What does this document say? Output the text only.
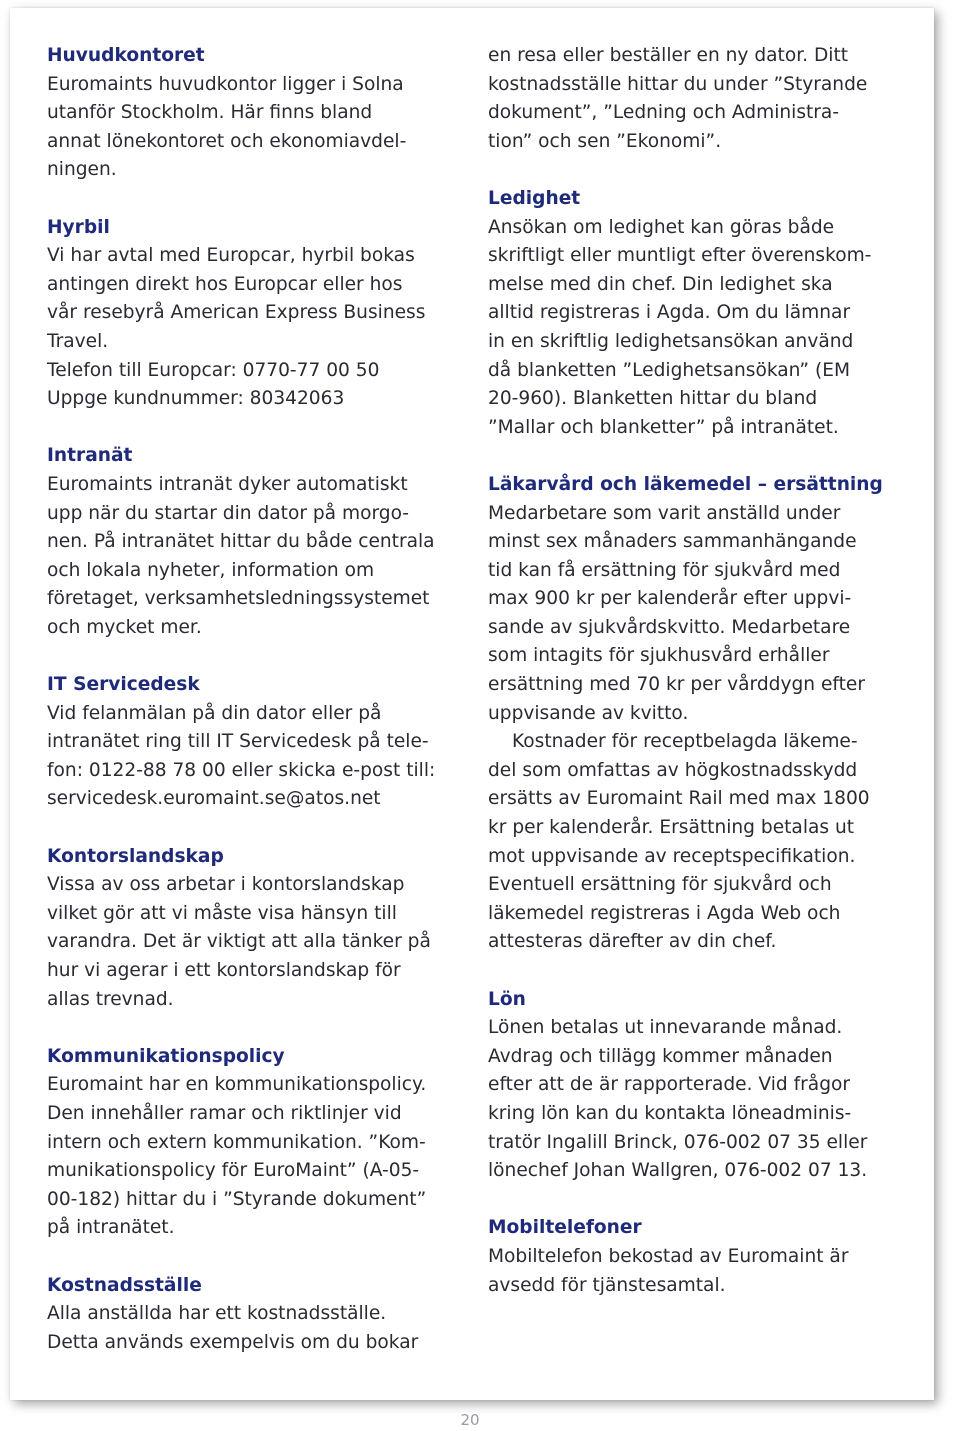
Huvudkontoret
Euromaints huvudkontor ligger i Solna
utanför Stockholm. Här finns bland
annat lönekontoret och ekonomiavdel-
ningen.
Hyrbil
Vi har avtal med Europcar, hyrbil bokas
antingen direkt hos Europcar eller hos
vår resebyrå American Express Business
Travel.
Telefon till Europcar: 0770-77 00 50
Uppge kundnummer: 80342063
Intranät
Euromaints intranät dyker automatiskt
upp när du startar din dator på morgo-
nen. På intranätet hittar du både centrala
och lokala nyheter, information om
företaget, verksamhetsledningssystemet
och mycket mer.
IT Servicedesk
Vid felanmälan på din dator eller på
intranätet ring till IT Servicedesk på tele-
fon: 0122-88 78 00 eller skicka e-post till:
servicedesk.euromaint.se@atos.net
Kontorslandskap
Vissa av oss arbetar i kontorslandskap
vilket gör att vi måste visa hänsyn till
varandra. Det är viktigt att alla tänker på
hur vi agerar i ett kontorslandskap för
allas trevnad.
Kommunikationspolicy
Euromaint har en kommunikationspolicy.
Den innehåller ramar och riktlinjer vid
intern och extern kommunikation. ”Kom-
munikationspolicy för EuroMaint” (A-05-
00-182) hittar du i ”Styrande dokument”
på intranätet.
Kostnadsställe
Alla anställda har ett kostnadsställe.
Detta används exempelvis om du bokar
en resa eller beställer en ny dator. Ditt
kostnadsställe hittar du under ”Styrande
dokument”, ”Ledning och Administra-
tion” och sen ”Ekonomi”.
Ledighet
Ansökan om ledighet kan göras både
skriftligt eller muntligt efter överenskom-
melse med din chef. Din ledighet ska
alltid registreras i Agda. Om du lämnar
in en skriftlig ledighetsansökan använd
då blanketten ”Ledighetsansökan” (EM
20-960). Blanketten hittar du bland
”Mallar och blanketter” på intranätet.
Läkarvård och läkemedel – ersättning
Medarbetare som varit anställd under
minst sex månaders sammanhängande
tid kan få ersättning för sjukvård med
max 900 kr per kalenderår efter uppvi-
sande av sjukvårdskvitto. Medarbetare
som intagits för sjukhusvård erhåller
ersättning med 70 kr per vårddygn efter
uppvisande av kvitto.
Kostnader för receptbelagda läkeme-
del som omfattas av högkostnadsskydd
ersätts av Euromaint Rail med max 1800
kr per kalenderår. Ersättning betalas ut
mot uppvisande av receptspecifikation.
Eventuell ersättning för sjukvård och
läkemedel registreras i Agda Web och
attesteras därefter av din chef.
Lön
Lönen betalas ut innevarande månad.
Avdrag och tillägg kommer månaden
efter att de är rapporterade. Vid frågor
kring lön kan du kontakta löneadminis-
tratör Ingalill Brinck, 076-002 07 35 eller
lönechef Johan Wallgren, 076-002 07 13.
Mobiltelefoner
Mobiltelefon bekostad av Euromaint är
avsedd för tjänstesamtal.
20
